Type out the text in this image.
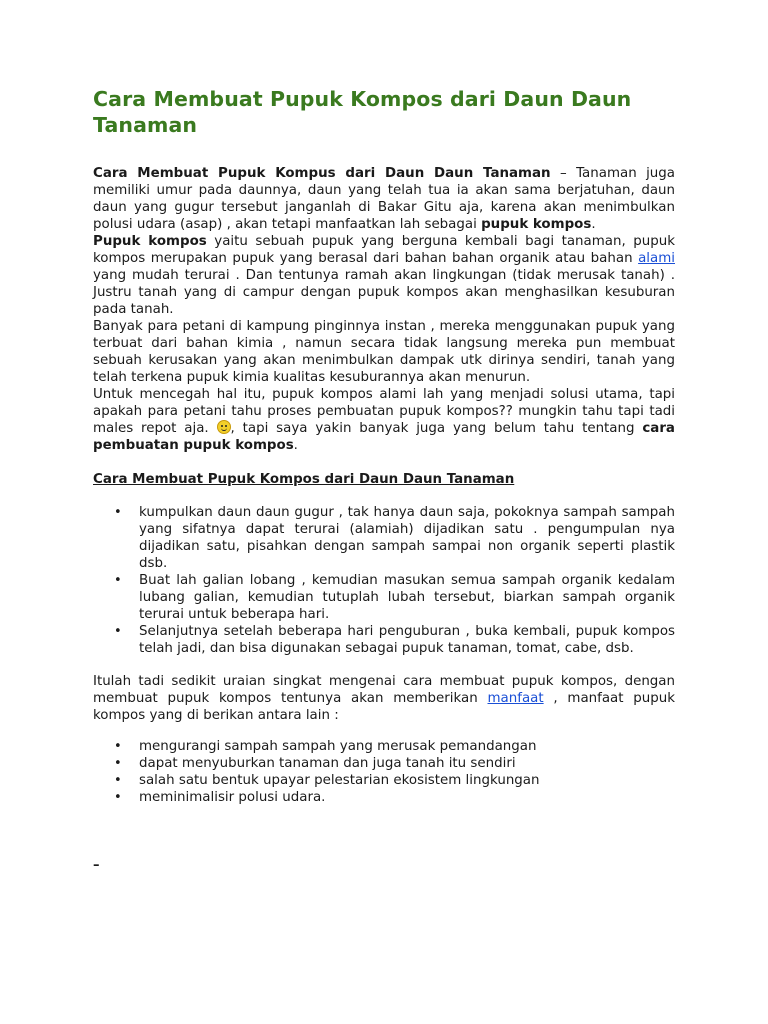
Cara Membuat Pupuk Kompos dari Daun Daun Tanaman

Cara Membuat Pupuk Kompus dari Daun Daun Tanaman – Tanaman juga memiliki umur pada daunnya, daun yang telah tua ia akan sama berjatuhan, daun daun yang gugur tersebut janganlah di Bakar Gitu aja, karena akan menimbulkan polusi udara (asap) , akan tetapi manfaatkan lah sebagai pupuk kompos.

Pupuk kompos yaitu sebuah pupuk yang berguna kembali bagi tanaman, pupuk kompos merupakan pupuk yang berasal dari bahan bahan organik atau bahan alami yang mudah terurai . Dan tentunya ramah akan lingkungan (tidak merusak tanah) . Justru tanah yang di campur dengan pupuk kompos akan menghasilkan kesuburan pada tanah.

Banyak para petani di kampung pinginnya instan , mereka menggunakan pupuk yang terbuat dari bahan kimia , namun secara tidak langsung mereka pun membuat sebuah kerusakan yang akan menimbulkan dampak utk dirinya sendiri, tanah yang telah terkena pupuk kimia kualitas kesuburannya akan menurun.

Untuk mencegah hal itu, pupuk kompos alami lah yang menjadi solusi utama, tapi apakah para petani tahu proses pembuatan pupuk kompos?? mungkin tahu tapi tadi males repot aja. , tapi saya yakin banyak juga yang belum tahu tentang cara pembuatan pupuk kompos.

Cara Membuat Pupuk Kompos dari Daun Daun Tanaman
• kumpulkan daun daun gugur , tak hanya daun saja, pokoknya sampah sampah yang sifatnya dapat terurai (alamiah) dijadikan satu . pengumpulan nya dijadikan satu, pisahkan dengan sampah sampai non organik seperti plastik dsb.
• Buat lah galian lobang , kemudian masukan semua sampah organik kedalam lubang galian, kemudian tutuplah lubah tersebut, biarkan sampah organik terurai untuk beberapa hari.
• Selanjutnya setelah beberapa hari penguburan , buka kembali, pupuk kompos telah jadi, dan bisa digunakan sebagai pupuk tanaman, tomat, cabe, dsb.

Itulah tadi sedikit uraian singkat mengenai cara membuat pupuk kompos, dengan membuat pupuk kompos tentunya akan memberikan manfaat , manfaat pupuk kompos yang di berikan antara lain :

• mengurangi sampah sampah yang merusak pemandangan
• dapat menyuburkan tanaman dan juga tanah itu sendiri
• salah satu bentuk upayar pelestarian ekosistem lingkungan
• meminimalisir polusi udara.
–
